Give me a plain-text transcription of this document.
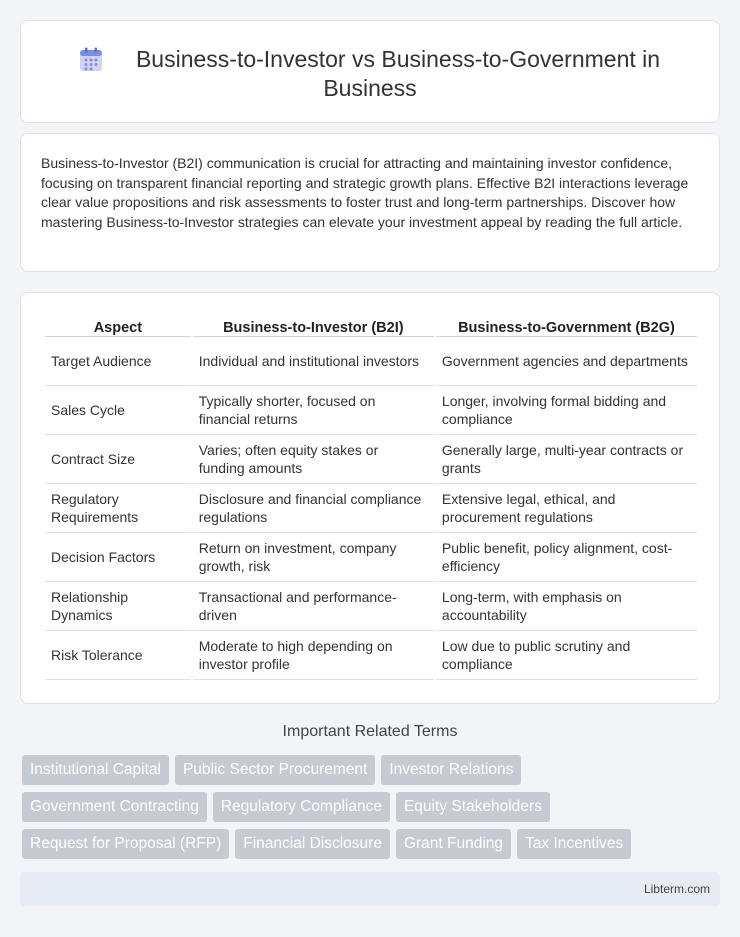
Business-to-Investor vs Business-to-Government in
Business

Business-to-Investor (B2I) communication is crucial for attracting and maintaining investor confidence, focusing on transparent financial reporting and strategic growth plans. Effective B2I interactions leverage clear value propositions and risk assessments to foster trust and long-term partnerships. Discover how mastering Business-to-Investor strategies can elevate your investment appeal by reading the full article.

Aspect	Business-to-Investor (B2I)	Business-to-Government (B2G)
Target Audience	Individual and institutional investors	Government agencies and departments
Sales Cycle	Typically shorter, focused on financial returns	Longer, involving formal bidding and compliance
Contract Size	Varies; often equity stakes or funding amounts	Generally large, multi-year contracts or grants
Regulatory Requirements	Disclosure and financial compliance regulations	Extensive legal, ethical, and procurement regulations
Decision Factors	Return on investment, company growth, risk	Public benefit, policy alignment, cost-efficiency
Relationship Dynamics	Transactional and performance-driven	Long-term, with emphasis on accountability
Risk Tolerance	Moderate to high depending on investor profile	Low due to public scrutiny and compliance
Important Related Terms
Institutional Capital	Public Sector Procurement	Investor Relations
Government Contracting	Regulatory Compliance	Equity Stakeholders
Request for Proposal (RFP)	Financial Disclosure	Grant Funding	Tax Incentives
Libterm.com
